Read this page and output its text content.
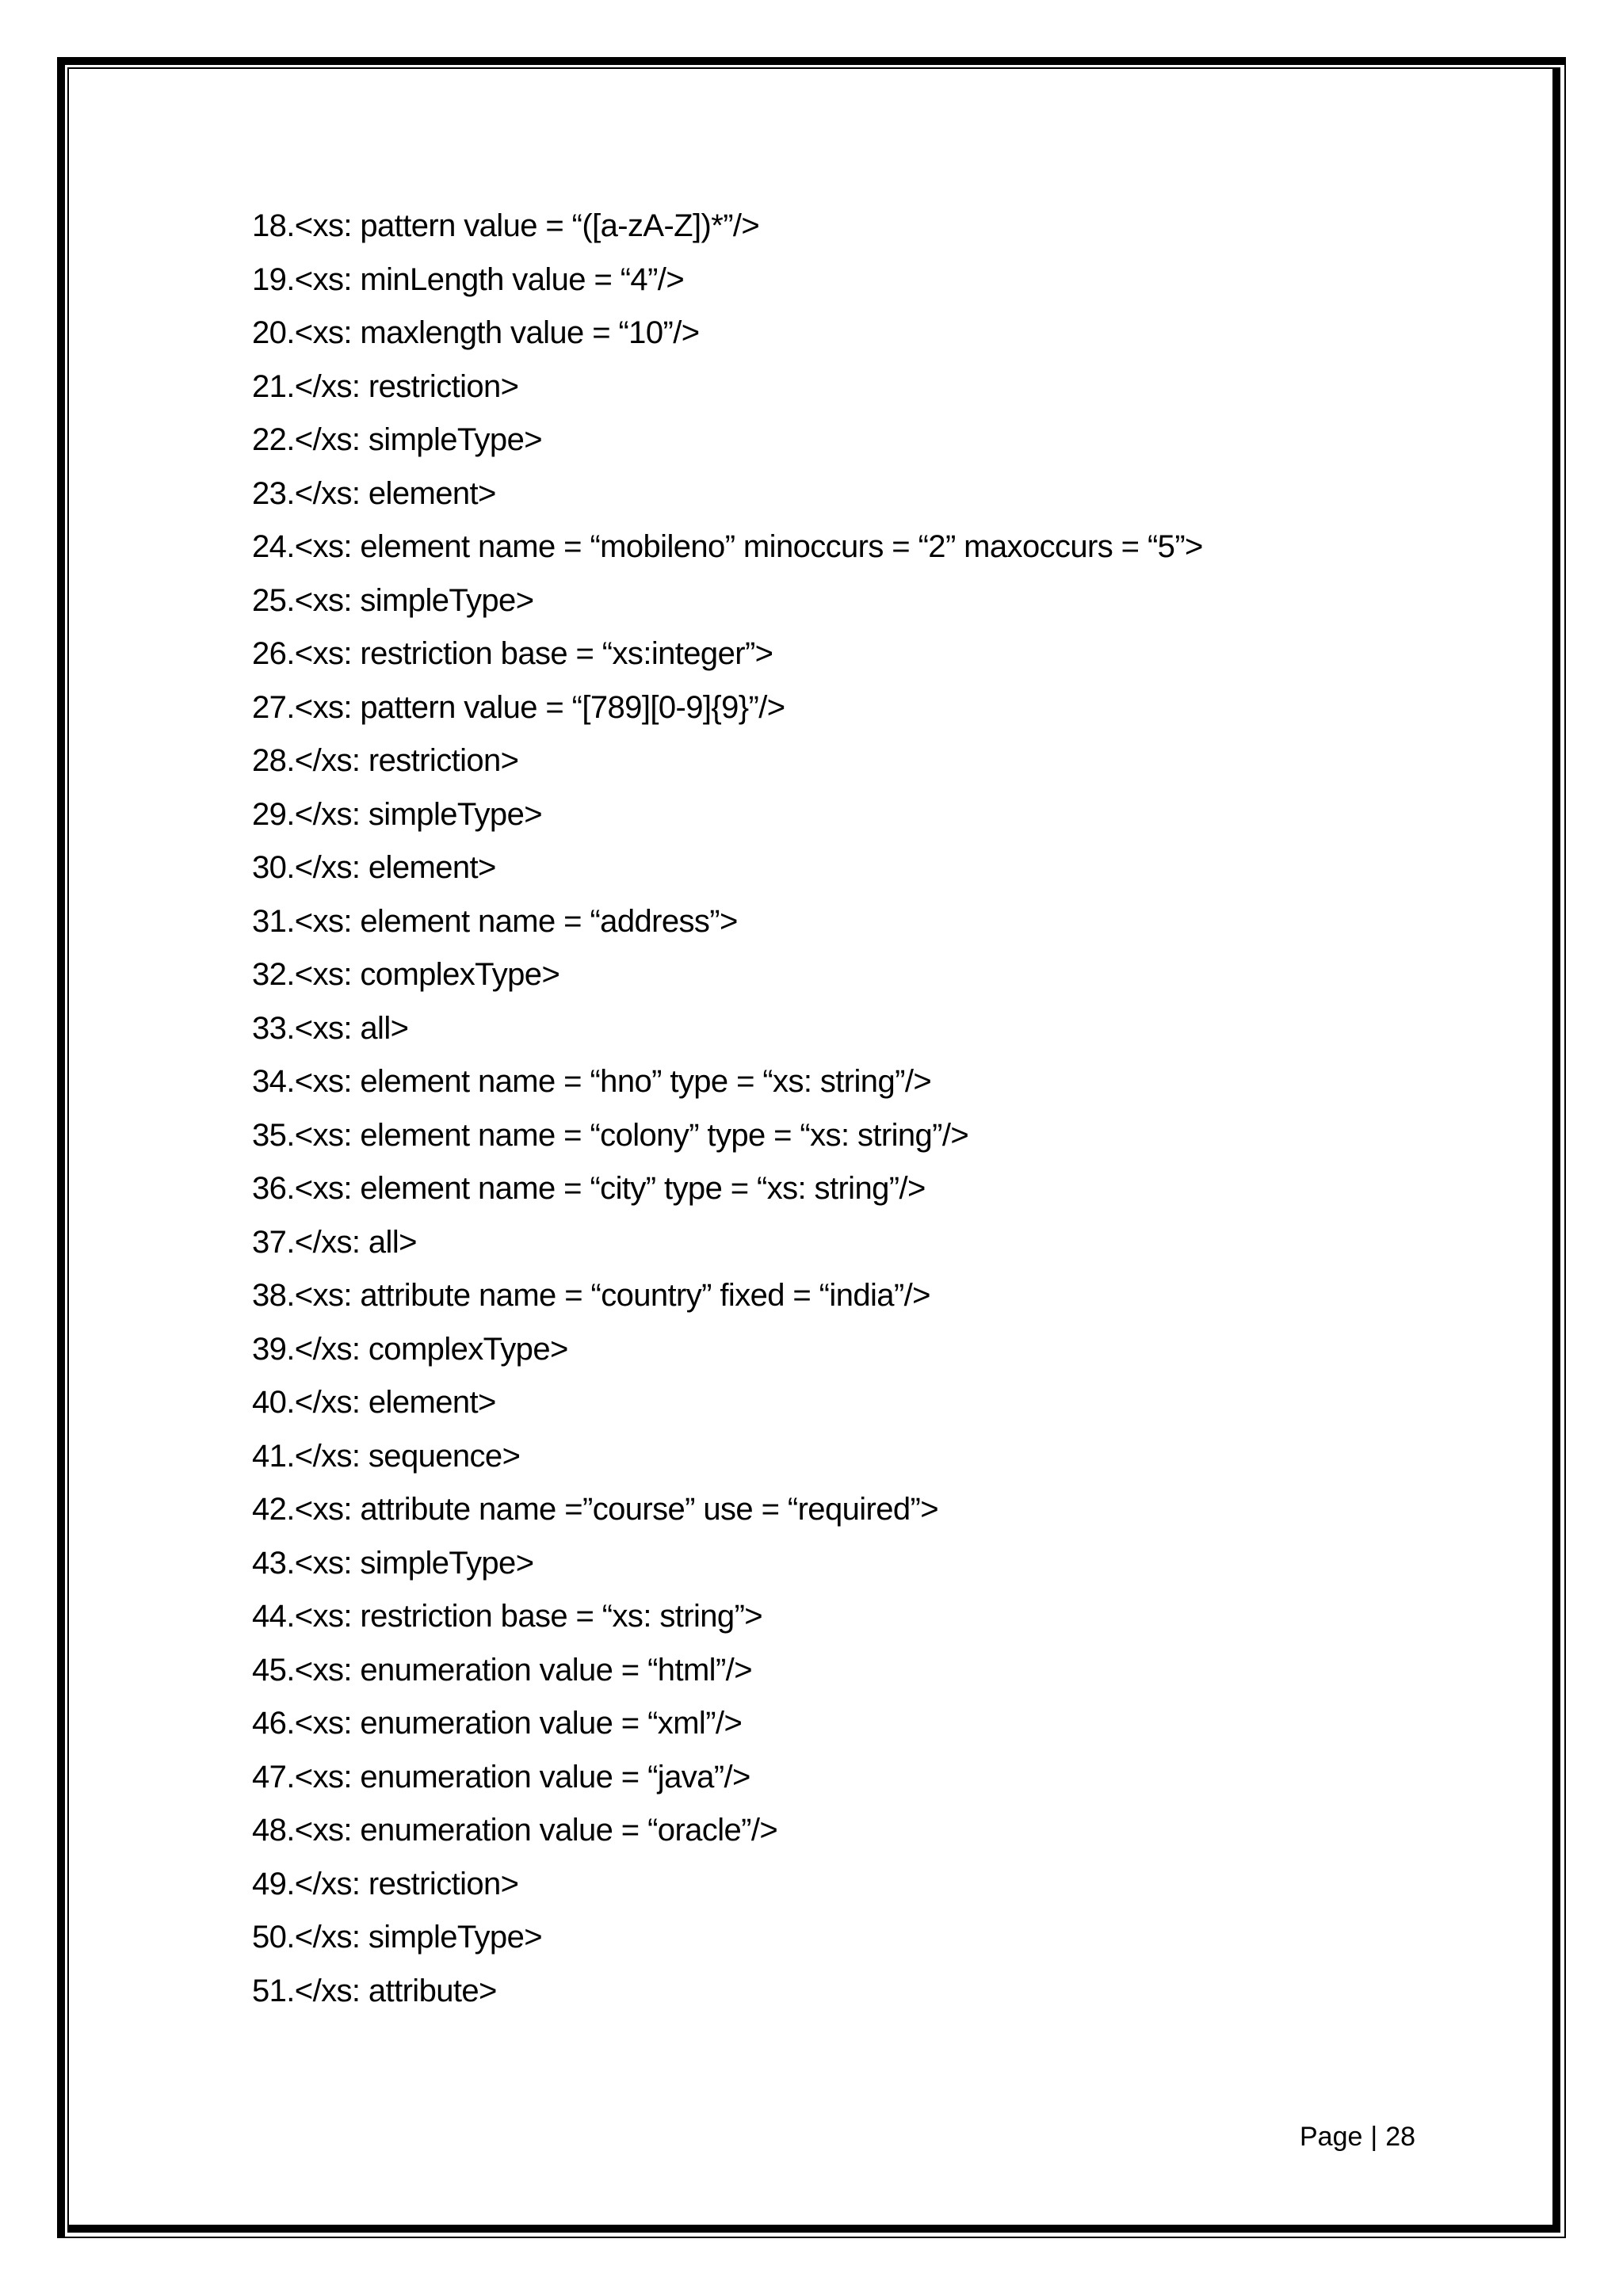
18.<xs: pattern value = “([a-zA-Z])*”/>
19.<xs: minLength value = “4”/>
20.<xs: maxlength value = “10”/>
21.</xs: restriction>
22.</xs: simpleType>
23.</xs: element>
24.<xs: element name = “mobileno” minoccurs = “2” maxoccurs = “5”>
25.<xs: simpleType>
26.<xs: restriction base = “xs:integer”>
27.<xs: pattern value = “[789][0-9]{9}”/>
28.</xs: restriction>
29.</xs: simpleType>
30.</xs: element>
31.<xs: element name = “address”>
32.<xs: complexType>
33.<xs: all>
34.<xs: element name = “hno” type = “xs: string”/>
35.<xs: element name = “colony” type = “xs: string”/>
36.<xs: element name = “city” type = “xs: string”/>
37.</xs: all>
38.<xs: attribute name = “country” fixed = “india”/>
39.</xs: complexType>
40.</xs: element>
41.</xs: sequence>
42.<xs: attribute name =”course” use = “required”>
43.<xs: simpleType>
44.<xs: restriction base = “xs: string”>
45.<xs: enumeration value = “html”/>
46.<xs: enumeration value = “xml”/>
47.<xs: enumeration value = “java”/>
48.<xs: enumeration value = “oracle”/>
49.</xs: restriction>
50.</xs: simpleType>
51.</xs: attribute>
Page | 28
